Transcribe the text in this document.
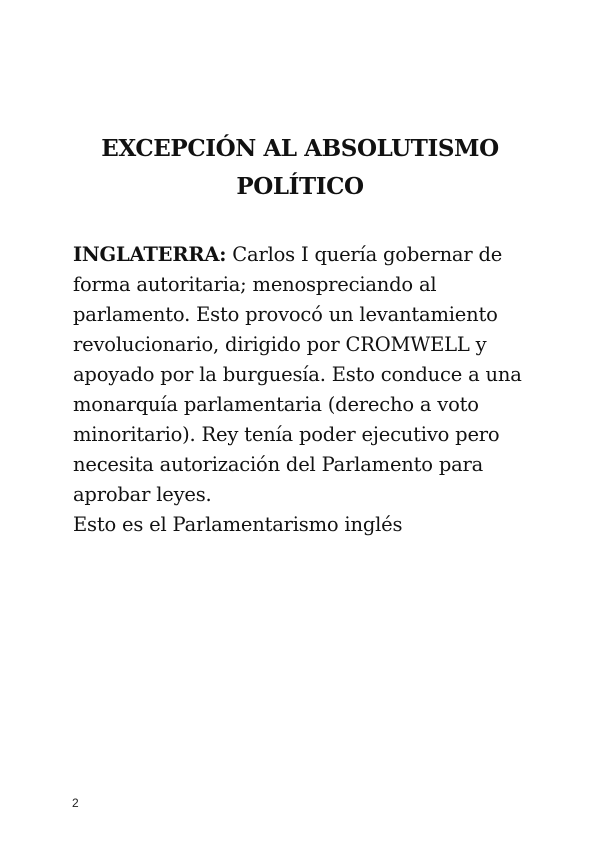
EXCEPCIÓN AL ABSOLUTISMO
POLÍTICO

INGLATERRA: Carlos I quería gobernar de
forma autoritaria; menospreciando al
parlamento. Esto provocó un levantamiento
revolucionario, dirigido por CROMWELL y
apoyado por la burguesía. Esto conduce a una
monarquía parlamentaria (derecho a voto
minoritario). Rey tenía poder ejecutivo pero
necesita autorización del Parlamento para
aprobar leyes.
Esto es el Parlamentarismo inglés

2
